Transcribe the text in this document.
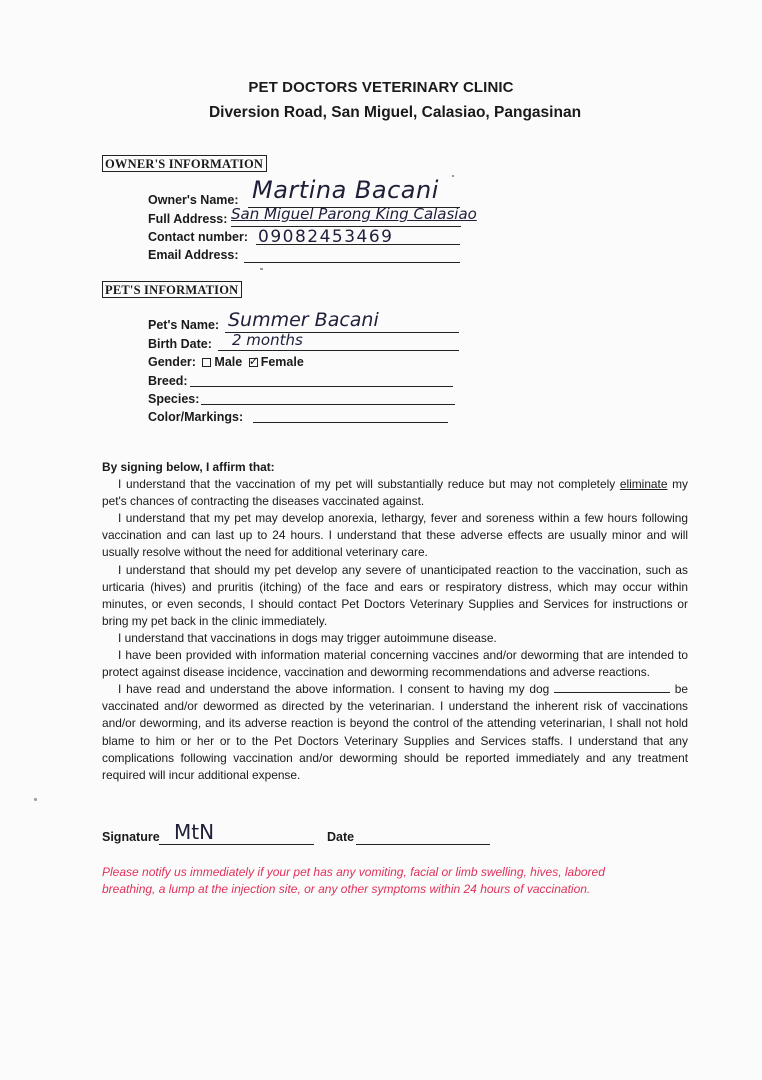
PET DOCTORS VETERINARY CLINIC
Diversion Road, San Miguel, Calasiao, Pangasinan
OWNER'S INFORMATION
Owner's Name: Martina Bacani
Full Address: San Miguel Parong King Calasiao
Contact number: 09082453469
Email Address:
PET'S INFORMATION
Pet's Name: Summer Bacani
Birth Date: 2 months
Gender: Male ✓ Female
Breed:
Species:
Color/Markings:

By signing below, I affirm that:

I understand that the vaccination of my pet will substantially reduce but may not completely eliminate my pet's chances of contracting the diseases vaccinated against.

I understand that my pet may develop anorexia, lethargy, fever and soreness within a few hours following vaccination and can last up to 24 hours. I understand that these adverse effects are usually minor and will usually resolve without the need for additional veterinary care.

I understand that should my pet develop any severe of unanticipated reaction to the vaccination, such as urticaria (hives) and pruritis (itching) of the face and ears or respiratory distress, which may occur within minutes, or even seconds, I should contact Pet Doctors Veterinary Supplies and Services for instructions or bring my pet back in the clinic immediately.

I understand that vaccinations in dogs may trigger autoimmune disease.

I have been provided with information material concerning vaccines and/or deworming that are intended to protect against disease incidence, vaccination and deworming recommendations and adverse reactions.

I have read and understand the above information. I consent to having my dog	be vaccinated and/or dewormed as directed by the veterinarian. I understand the inherent risk of vaccinations and/or deworming, and its adverse reaction is beyond the control of the attending veterinarian, I shall not hold blame to him or her or to the Pet Doctors Veterinary Supplies and Services staffs. I understand that any complications following vaccination and/or deworming should be reported immediately and any treatment required will incur additional expense.

Signature MtN	Date
Please notify us immediately if your pet has any vomiting, facial or limb swelling, hives, labored breathing, a lump at the injection site, or any other symptoms within 24 hours of vaccination.
